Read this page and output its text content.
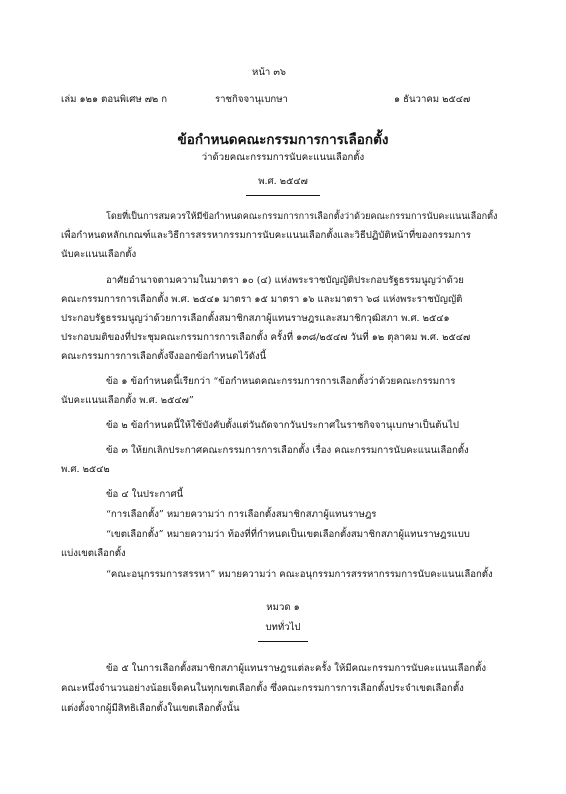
หน้า ๓๖
เล่ม ๑๒๑ ตอนพิเศษ ๗๒ ก	ราชกิจจานุเบกษา	๑ ธันวาคม ๒๕๔๗
ข้อกำหนดคณะกรรมการการเลือกตั้ง
ว่าด้วยคณะกรรมการนับคะแนนเลือกตั้ง
พ.ศ. ๒๕๔๗
โดยที่เป็นการสมควรให้มีข้อกำหนดคณะกรรมการการเลือกตั้งว่าด้วยคณะกรรมการนับคะแนนเลือกตั้ง
เพื่อกำหนดหลักเกณฑ์และวิธีการสรรหากรรมการนับคะแนนเลือกตั้งและวิธีปฏิบัติหน้าที่ของกรรมการ
นับคะแนนเลือกตั้ง
อาศัยอำนาจตามความในมาตรา ๑๐ (๔) แห่งพระราชบัญญัติประกอบรัฐธรรมนูญว่าด้วย
คณะกรรมการการเลือกตั้ง พ.ศ. ๒๕๔๑ มาตรา ๑๕ มาตรา ๑๖ และมาตรา ๖๘ แห่งพระราชบัญญัติ
ประกอบรัฐธรรมนูญว่าด้วยการเลือกตั้งสมาชิกสภาผู้แทนราษฎรและสมาชิกวุฒิสภา พ.ศ. ๒๕๔๑
ประกอบมติของที่ประชุมคณะกรรมการการเลือกตั้ง ครั้งที่ ๑๓๘/๒๕๔๗ วันที่ ๑๒ ตุลาคม พ.ศ. ๒๕๔๗
คณะกรรมการการเลือกตั้งจึงออกข้อกำหนดไว้ดังนี้
ข้อ ๑ ข้อกำหนดนี้เรียกว่า “ข้อกำหนดคณะกรรมการการเลือกตั้งว่าด้วยคณะกรรมการ
นับคะแนนเลือกตั้ง พ.ศ. ๒๕๔๗”
ข้อ ๒ ข้อกำหนดนี้ให้ใช้บังคับตั้งแต่วันถัดจากวันประกาศในราชกิจจานุเบกษาเป็นต้นไป
ข้อ ๓ ให้ยกเลิกประกาศคณะกรรมการการเลือกตั้ง เรื่อง คณะกรรมการนับคะแนนเลือกตั้ง
พ.ศ. ๒๕๔๒
ข้อ ๔ ในประกาศนี้
“การเลือกตั้ง” หมายความว่า การเลือกตั้งสมาชิกสภาผู้แทนราษฎร
“เขตเลือกตั้ง” หมายความว่า ท้องที่ที่กำหนดเป็นเขตเลือกตั้งสมาชิกสภาผู้แทนราษฎรแบบ
แบ่งเขตเลือกตั้ง
“คณะอนุกรรมการสรรหา” หมายความว่า คณะอนุกรรมการสรรหากรรมการนับคะแนนเลือกตั้ง
หมวด ๑
บททั่วไป
ข้อ ๕ ในการเลือกตั้งสมาชิกสภาผู้แทนราษฎรแต่ละครั้ง ให้มีคณะกรรมการนับคะแนนเลือกตั้ง
คณะหนึ่งจำนวนอย่างน้อยเจ็ดคนในทุกเขตเลือกตั้ง ซึ่งคณะกรรมการการเลือกตั้งประจำเขตเลือกตั้ง
แต่งตั้งจากผู้มีสิทธิเลือกตั้งในเขตเลือกตั้งนั้น
